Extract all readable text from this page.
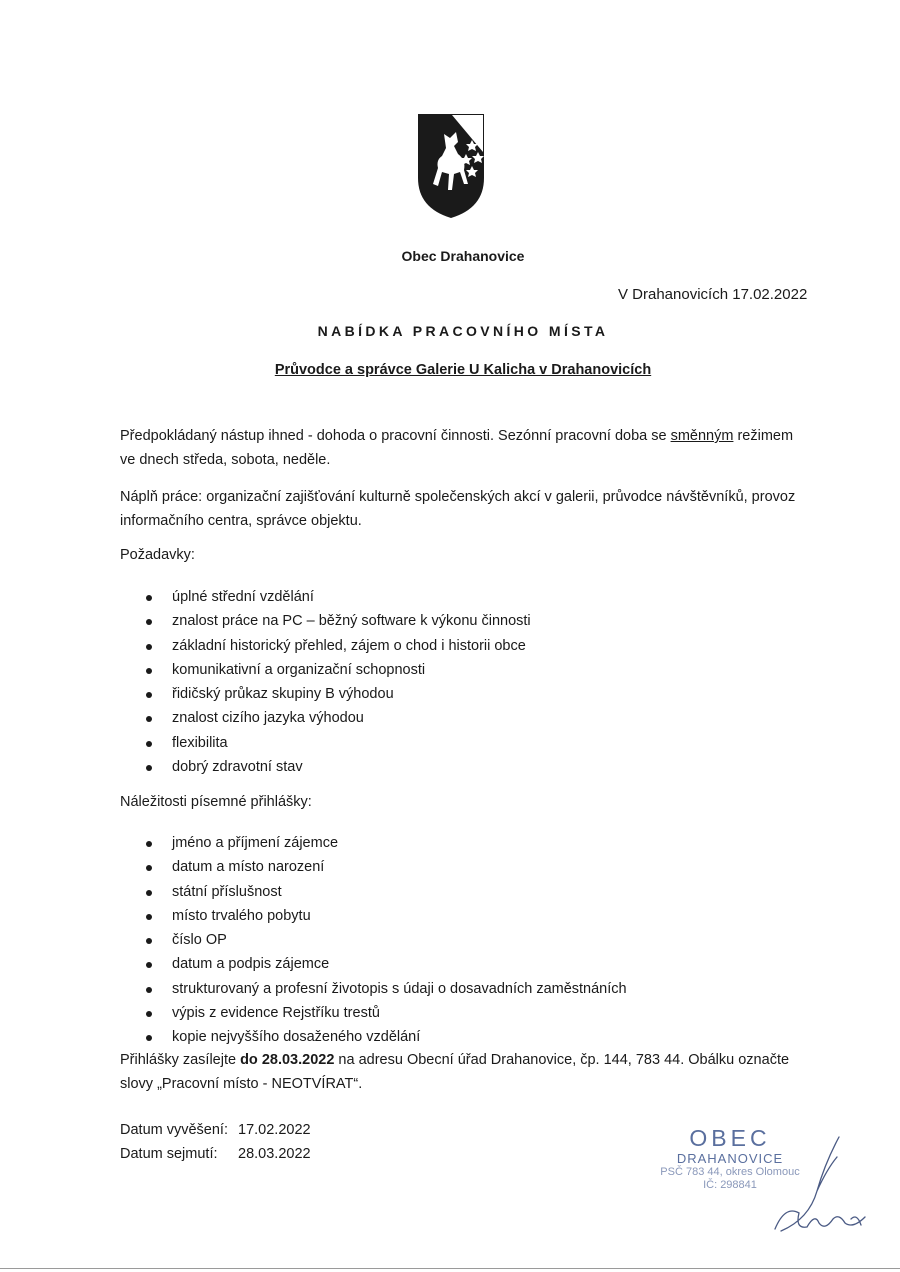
Obec Drahanovice
V Drahanovicích 17.02.2022
NABÍDKA PRACOVNÍHO MÍSTA
Průvodce a správce Galerie U Kalicha v Drahanovicích

Předpokládaný nástup ihned - dohoda o pracovní činnosti. Sezónní pracovní doba se směnným režimem ve dnech středa, sobota, neděle.

Náplň práce: organizační zajišťování kulturně společenských akcí v galerii, průvodce návštěvníků, provoz informačního centra, správce objektu.

Požadavky:
úplné střední vzdělání
znalost práce na PC – běžný software k výkonu činnosti
základní historický přehled, zájem o chod i historii obce
komunikativní a organizační schopnosti
řidičský průkaz skupiny B výhodou
znalost cizího jazyka výhodou
flexibilita
dobrý zdravotní stav
Náležitosti písemné přihlášky:
jméno a příjmení zájemce
datum a místo narození
státní příslušnost
místo trvalého pobytu
číslo OP
datum a podpis zájemce
strukturovaný a profesní životopis s údaji o dosavadních zaměstnáních
výpis z evidence Rejstříku trestů
kopie nejvyššího dosaženého vzdělání

Přihlášky zasílejte do 28.03.2022 na adresu Obecní úřad Drahanovice, čp. 144, 783 44. Obálku označte slovy „Pracovní místo - NEOTVÍRAT“.

Datum vyvěšení: 17.02.2022
Datum sejmutí: 28.03.2022
OBEC
DRAHANOVICE
PSČ 783 44, okres Olomouc
IČ: 298841
